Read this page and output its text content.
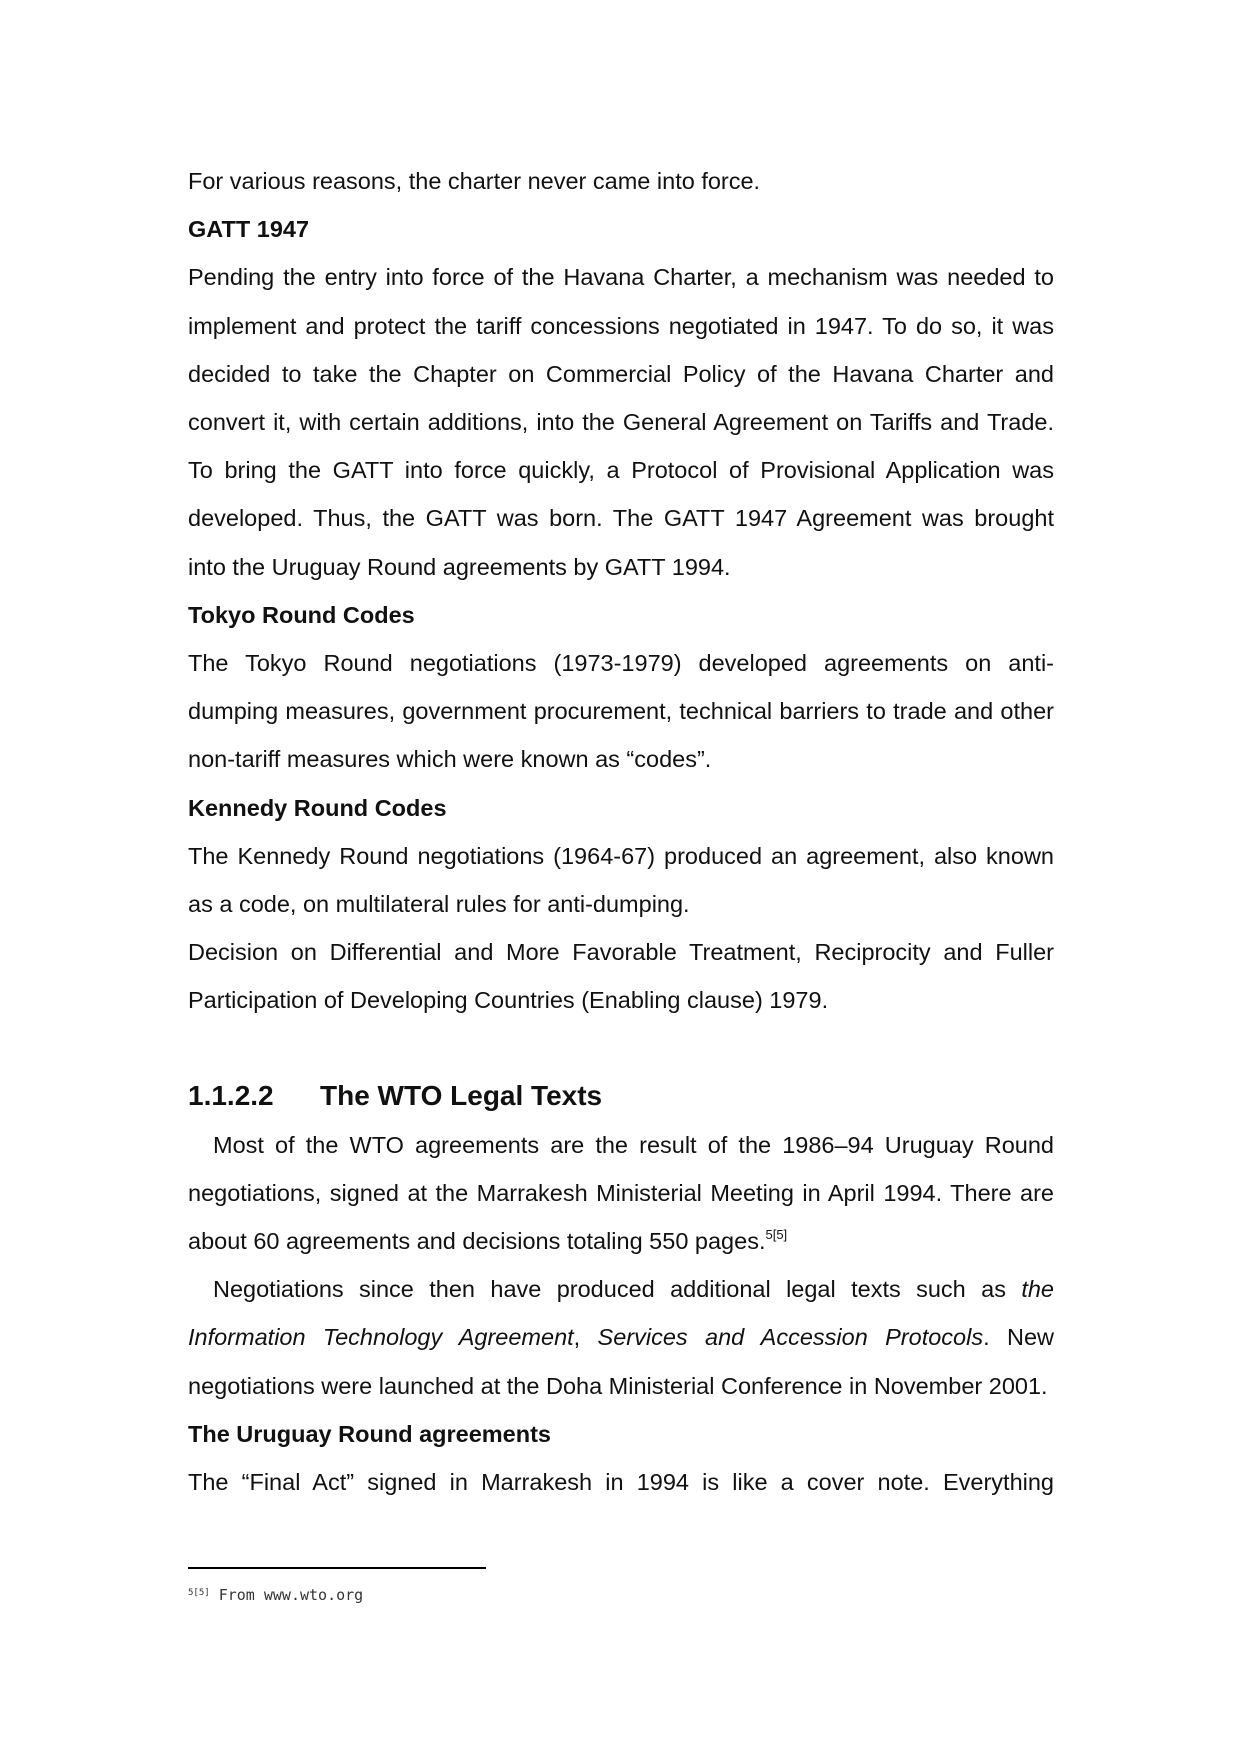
For various reasons, the charter never came into force.

GATT 1947

Pending the entry into force of the Havana Charter, a mechanism was needed to implement and protect the tariff concessions negotiated in 1947. To do so, it was decided to take the Chapter on Commercial Policy of the Havana Charter and convert it, with certain additions, into the General Agreement on Tariffs and Trade. To bring the GATT into force quickly, a Protocol of Provisional Application was developed. Thus, the GATT was born. The GATT 1947 Agreement was brought into the Uruguay Round agreements by GATT 1994.

Tokyo Round Codes

The Tokyo Round negotiations (1973-1979) developed agreements on anti-dumping measures, government procurement, technical barriers to trade and other non-tariff measures which were known as “codes”.

Kennedy Round Codes

The Kennedy Round negotiations (1964-67) produced an agreement, also known as a code, on multilateral rules for anti-dumping.

Decision on Differential and More Favorable Treatment, Reciprocity and Fuller Participation of Developing Countries (Enabling clause) 1979.

1.1.2.2	The WTO Legal Texts

Most of the WTO agreements are the result of the 1986–94 Uruguay Round negotiations, signed at the Marrakesh Ministerial Meeting in April 1994. There are about 60 agreements and decisions totaling 550 pages.$^{5[5]}$

Negotiations since then have produced additional legal texts such as the Information Technology Agreement, Services and Accession Protocols. New negotiations were launched at the Doha Ministerial Conference in November 2001.

The Uruguay Round agreements

The “Final Act” signed in Marrakesh in 1994 is like a cover note. Everything

$^{5[5]}$ From www.wto.org
